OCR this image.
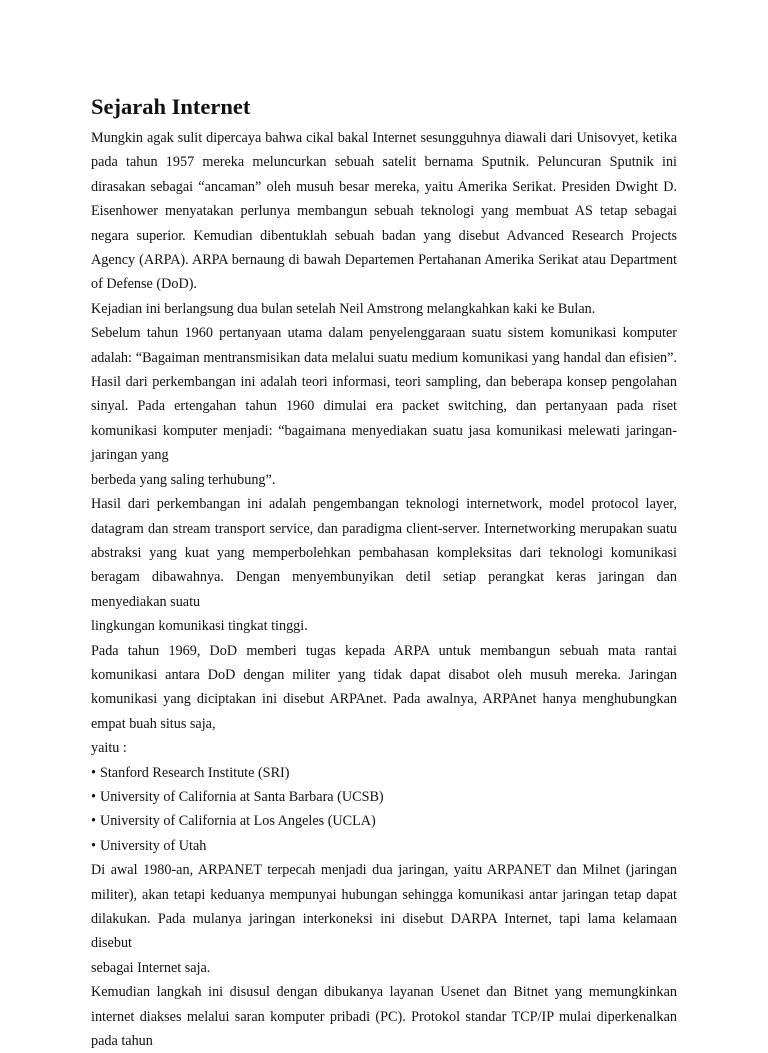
Sejarah Internet

Mungkin agak sulit dipercaya bahwa cikal bakal Internet sesungguhnya diawali dari Unisovyet, ketika pada tahun 1957 mereka meluncurkan sebuah satelit bernama Sputnik. Peluncuran Sputnik ini dirasakan sebagai “ancaman” oleh musuh besar mereka, yaitu Amerika Serikat. Presiden Dwight D. Eisenhower menyatakan perlunya membangun sebuah teknologi yang membuat AS tetap sebagai negara superior. Kemudian dibentuklah sebuah badan yang disebut Advanced Research Projects Agency (ARPA). ARPA bernaung di bawah Departemen Pertahanan Amerika Serikat atau Department of Defense (DoD).

Kejadian ini berlangsung dua bulan setelah Neil Amstrong melangkahkan kaki ke Bulan.

Sebelum tahun 1960 pertanyaan utama dalam penyelenggaraan suatu sistem komunikasi komputer adalah: “Bagaiman mentransmisikan data melalui suatu medium komunikasi yang handal dan efisien”. Hasil dari perkembangan ini adalah teori informasi, teori sampling, dan beberapa konsep pengolahan sinyal. Pada ertengahan tahun 1960 dimulai era packet switching, dan pertanyaan pada riset komunikasi komputer menjadi: “bagaimana menyediakan suatu jasa komunikasi melewati jaringan-jaringan yang

berbeda yang saling terhubung”.

Hasil dari perkembangan ini adalah pengembangan teknologi internetwork, model protocol layer, datagram dan stream transport service, dan paradigma client-server. Internetworking merupakan suatu abstraksi yang kuat yang memperbolehkan pembahasan kompleksitas dari teknologi komunikasi beragam dibawahnya. Dengan menyembunyikan detil setiap perangkat keras jaringan dan menyediakan suatu

lingkungan komunikasi tingkat tinggi.

Pada tahun 1969, DoD memberi tugas kepada ARPA untuk membangun sebuah mata rantai komunikasi antara DoD dengan militer yang tidak dapat disabot oleh musuh mereka. Jaringan komunikasi yang diciptakan ini disebut ARPAnet. Pada awalnya, ARPAnet hanya menghubungkan empat buah situs saja,

yaitu :

• Stanford Research Institute (SRI)
• University of California at Santa Barbara (UCSB)
• University of California at Los Angeles (UCLA)
• University of Utah

Di awal 1980-an, ARPANET terpecah menjadi dua jaringan, yaitu ARPANET dan Milnet (jaringan militer), akan tetapi keduanya mempunyai hubungan sehingga komunikasi antar jaringan tetap dapat dilakukan. Pada mulanya jaringan interkoneksi ini disebut DARPA Internet, tapi lama kelamaan disebut

sebagai Internet saja.

Kemudian langkah ini disusul dengan dibukanya layanan Usenet dan Bitnet yang memungkinkan internet diakses melalui saran komputer pribadi (PC). Protokol standar TCP/IP mulai diperkenalkan pada tahun
